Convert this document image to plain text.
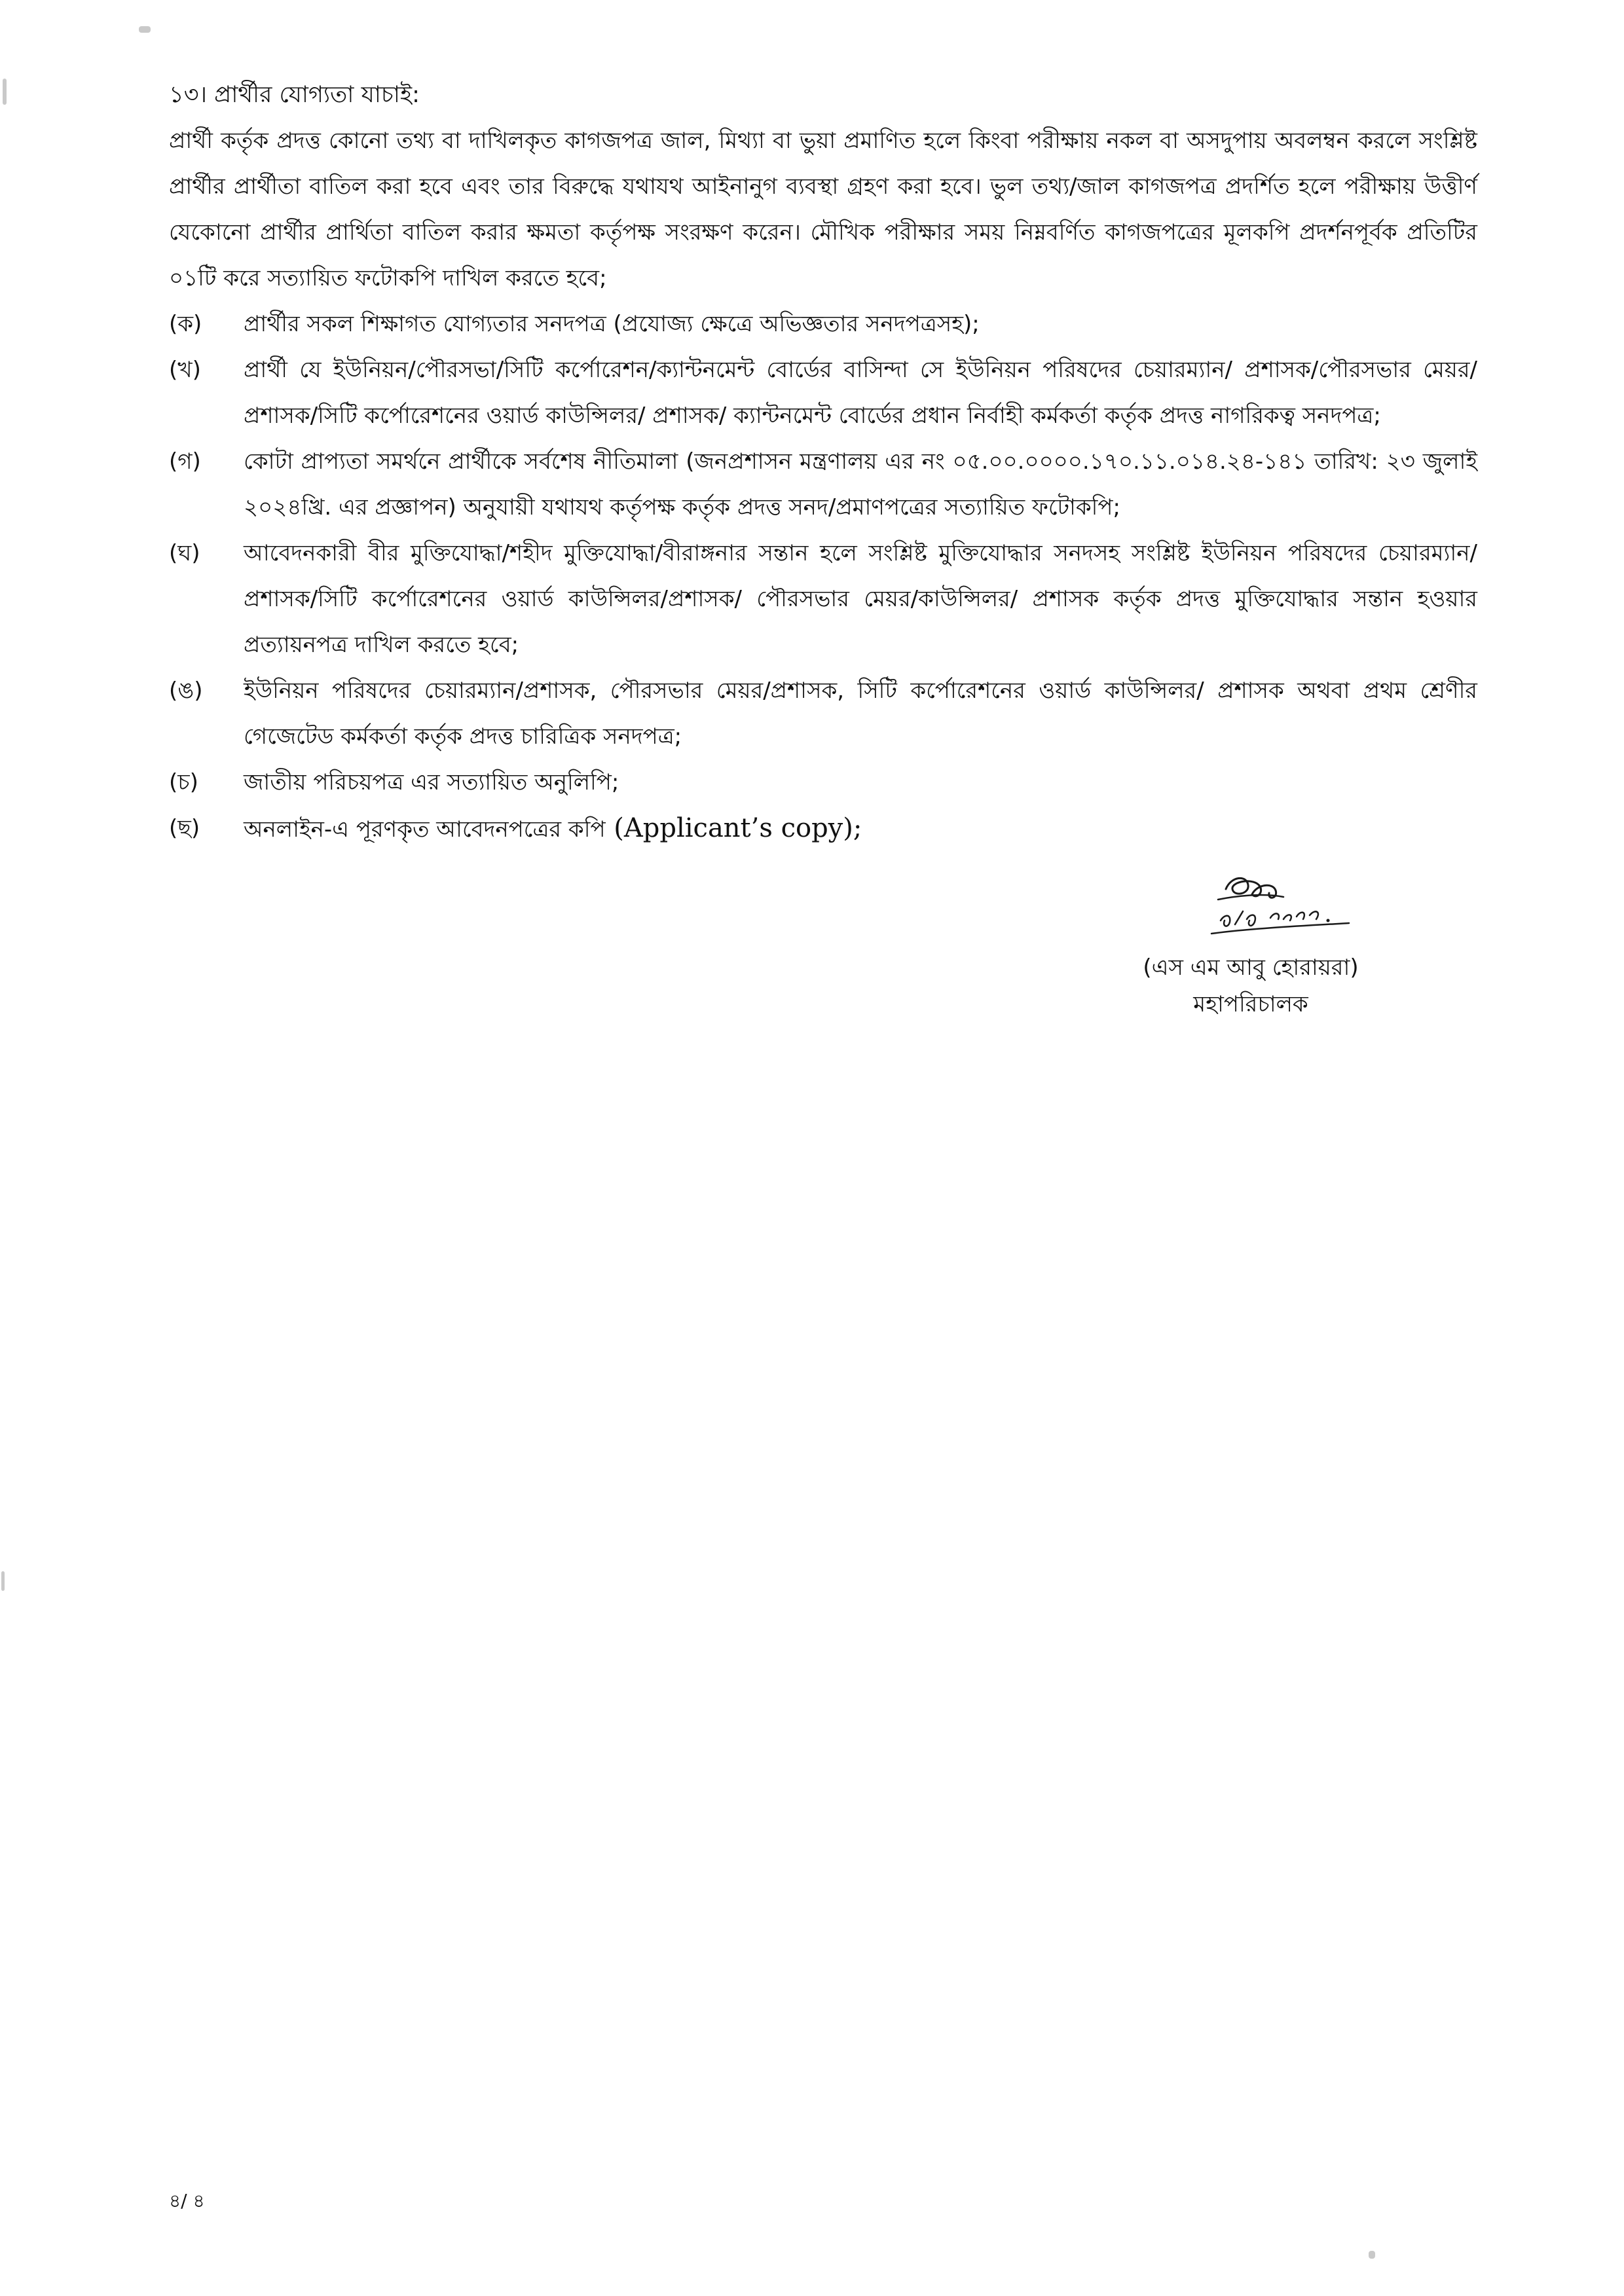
১৩। প্রার্থীর যোগ্যতা যাচাই:

প্রার্থী কর্তৃক প্রদত্ত কোনো তথ্য বা দাখিলকৃত কাগজপত্র জাল, মিথ্যা বা ভুয়া প্রমাণিত হলে কিংবা পরীক্ষায় নকল বা অসদুপায় অবলম্বন করলে সংশ্লিষ্ট প্রার্থীর প্রার্থীতা বাতিল করা হবে এবং তার বিরুদ্ধে যথাযথ আইনানুগ ব্যবস্থা গ্রহণ করা হবে। ভুল তথ্য/জাল কাগজপত্র প্রদর্শিত হলে পরীক্ষায় উত্তীর্ণ যেকোনো প্রার্থীর প্রার্থিতা বাতিল করার ক্ষমতা কর্তৃপক্ষ সংরক্ষণ করেন। মৌখিক পরীক্ষার সময় নিম্নবর্ণিত কাগজপত্রের মূলকপি প্রদর্শনপূর্বক প্রতিটির ০১টি করে সত্যায়িত ফটোকপি দাখিল করতে হবে;

(ক)	প্রার্থীর সকল শিক্ষাগত যোগ্যতার সনদপত্র (প্রযোজ্য ক্ষেত্রে অভিজ্ঞতার সনদপত্রসহ);
(খ)	প্রার্থী যে ইউনিয়ন/পৌরসভা/সিটি কর্পোরেশন/ক্যান্টনমেন্ট বোর্ডের বাসিন্দা সে ইউনিয়ন পরিষদের চেয়ারম্যান/ প্রশাসক/পৌরসভার মেয়র/ প্রশাসক/সিটি কর্পোরেশনের ওয়ার্ড কাউন্সিলর/ প্রশাসক/ ক্যান্টনমেন্ট বোর্ডের প্রধান নির্বাহী কর্মকর্তা কর্তৃক প্রদত্ত নাগরিকত্ব সনদপত্র;
(গ)	কোটা প্রাপ্যতা সমর্থনে প্রার্থীকে সর্বশেষ নীতিমালা (জনপ্রশাসন মন্ত্রণালয় এর নং ০৫.০০.০০০০.১৭০.১১.০১৪.২৪-১৪১ তারিখ: ২৩ জুলাই ২০২৪খ্রি. এর প্রজ্ঞাপন) অনুযায়ী যথাযথ কর্তৃপক্ষ কর্তৃক প্রদত্ত সনদ/প্রমাণপত্রের সত্যায়িত ফটোকপি;
(ঘ)	আবেদনকারী বীর মুক্তিযোদ্ধা/শহীদ মুক্তিযোদ্ধা/বীরাঙ্গনার সন্তান হলে সংশ্লিষ্ট মুক্তিযোদ্ধার সনদসহ সংশ্লিষ্ট ইউনিয়ন পরিষদের চেয়ারম্যান/প্রশাসক/সিটি কর্পোরেশনের ওয়ার্ড কাউন্সিলর/প্রশাসক/ পৌরসভার মেয়র/কাউন্সিলর/ প্রশাসক কর্তৃক প্রদত্ত মুক্তিযোদ্ধার সন্তান হওয়ার প্রত্যায়নপত্র দাখিল করতে হবে;
(ঙ)	ইউনিয়ন পরিষদের চেয়ারম্যান/প্রশাসক, পৌরসভার মেয়র/প্রশাসক, সিটি কর্পোরেশনের ওয়ার্ড কাউন্সিলর/ প্রশাসক অথবা প্রথম শ্রেণীর গেজেটেড কর্মকর্তা কর্তৃক প্রদত্ত চারিত্রিক সনদপত্র;
(চ)	জাতীয় পরিচয়পত্র এর সত্যায়িত অনুলিপি;
(ছ)	অনলাইন-এ পূরণকৃত আবেদনপত্রের কপি (Applicant’s copy);
(এস এম আবু হোরায়রা)
মহাপরিচালক
৪/ ৪
